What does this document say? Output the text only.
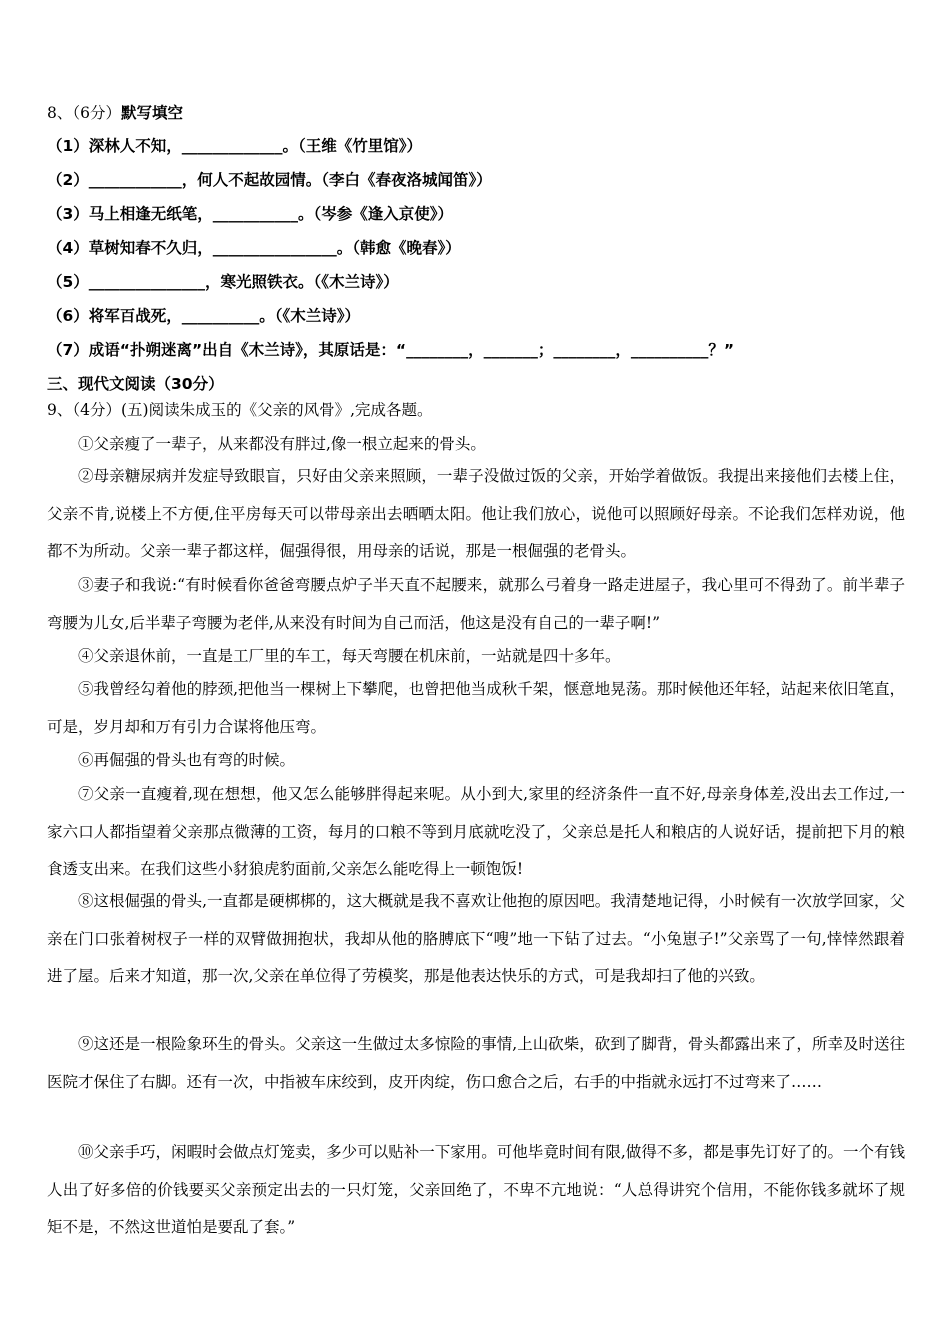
8、（6分）默写填空
（1）深林人不知，_____________。（王维《竹里馆》）
（2）____________，何人不起故园情。（李白《春夜洛城闻笛》）
（3）马上相逢无纸笔，___________。（岑参《逢入京使》）
（4）草树知春不久归，________________。（韩愈《晚春》）
（5）_______________，寒光照铁衣。（《木兰诗》）
（6）将军百战死，__________。（《木兰诗》）
（7）成语“扑朔迷离”出自《木兰诗》，其原话是：“________，_______；________，__________？”
三、现代文阅读（30分）
9、（4分）(五)阅读朱成玉的《父亲的风骨》,完成各题。
①父亲瘦了一辈子，从来都没有胖过,像一根立起来的骨头。
②母亲糖尿病并发症导致眼盲，只好由父亲来照顾，一辈子没做过饭的父亲，开始学着做饭。我提出来接他们去楼上住，父亲不肯,说楼上不方便,住平房每天可以带母亲出去晒晒太阳。他让我们放心，说他可以照顾好母亲。不论我们怎样劝说，他都不为所动。父亲一辈子都这样，倔强得很，用母亲的话说，那是一根倔强的老骨头。
③妻子和我说:“有时候看你爸爸弯腰点炉子半天直不起腰来，就那么弓着身一路走进屋子，我心里可不得劲了。前半辈子弯腰为儿女,后半辈子弯腰为老伴,从来没有时间为自己而活，他这是没有自己的一辈子啊!”
④父亲退休前，一直是工厂里的车工，每天弯腰在机床前，一站就是四十多年。
⑤我曾经勾着他的脖颈,把他当一棵树上下攀爬，也曾把他当成秋千架，惬意地晃荡。那时候他还年轻，站起来依旧笔直，可是，岁月却和万有引力合谋将他压弯。
⑥再倔强的骨头也有弯的时候。
⑦父亲一直瘦着,现在想想，他又怎么能够胖得起来呢。从小到大,家里的经济条件一直不好,母亲身体差,没出去工作过,一家六口人都指望着父亲那点微薄的工资，每月的口粮不等到月底就吃没了，父亲总是托人和粮店的人说好话，提前把下月的粮食透支出来。在我们这些小豺狼虎豹面前,父亲怎么能吃得上一顿饱饭!
⑧这根倔强的骨头,一直都是硬梆梆的，这大概就是我不喜欢让他抱的原因吧。我清楚地记得，小时候有一次放学回家，父亲在门口张着树杈子一样的双臂做拥抱状，我却从他的胳膊底下“嗖”地一下钻了过去。“小兔崽子!”父亲骂了一句,悻悻然跟着进了屋。后来才知道，那一次,父亲在单位得了劳模奖，那是他表达快乐的方式，可是我却扫了他的兴致。
⑨这还是一根险象环生的骨头。父亲这一生做过太多惊险的事情,上山砍柴，砍到了脚背，骨头都露出来了，所幸及时送往医院才保住了右脚。还有一次，中指被车床绞到，皮开肉绽，伤口愈合之后，右手的中指就永远打不过弯来了……
⑩父亲手巧，闲暇时会做点灯笼卖，多少可以贴补一下家用。可他毕竟时间有限,做得不多，都是事先订好了的。一个有钱人出了好多倍的价钱要买父亲预定出去的一只灯笼，父亲回绝了，不卑不亢地说：“人总得讲究个信用，不能你钱多就坏了规矩不是，不然这世道怕是要乱了套。”
